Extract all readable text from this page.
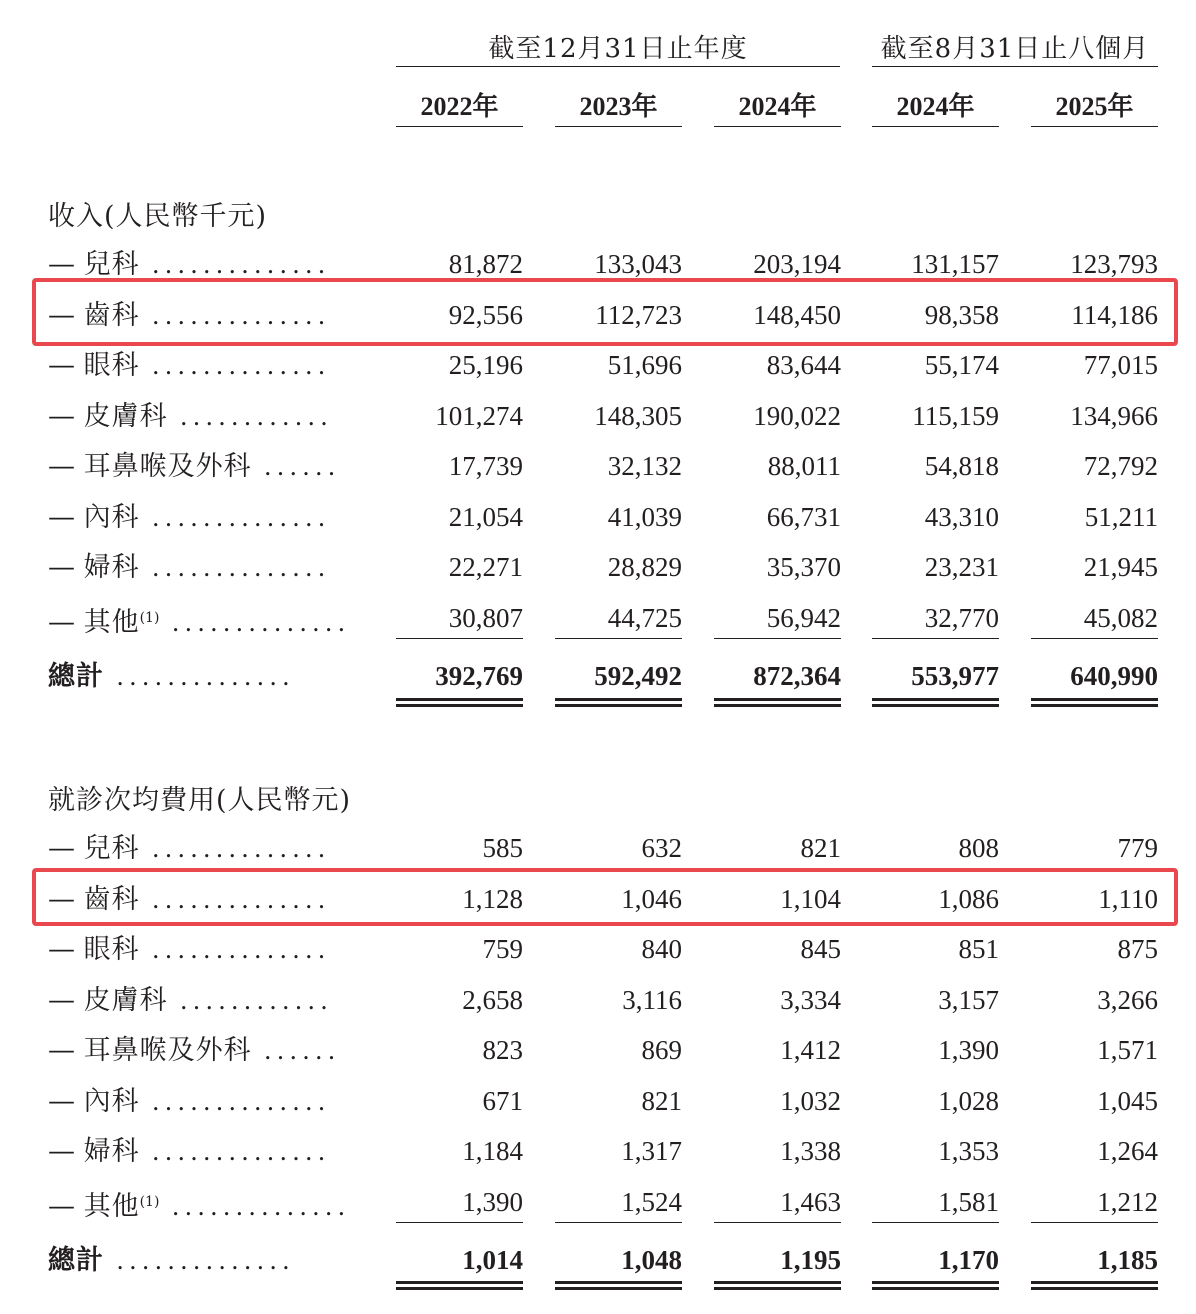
截至12月31日止年度	截至8月31日止八個月
2022年	2023年	2024年	2024年	2025年
收入(人民幣千元)
— 兒科 ..............	81,872	133,043	203,194	131,157	123,793
— 齒科 ..............	92,556	112,723	148,450	98,358	114,186
— 眼科 ..............	25,196	51,696	83,644	55,174	77,015
— 皮膚科 ............	101,274	148,305	190,022	115,159	134,966
— 耳鼻喉及外科 ......	17,739	32,132	88,011	54,818	72,792
— 內科 ..............	21,054	41,039	66,731	43,310	51,211
— 婦科 ..............	22,271	28,829	35,370	23,231	21,945
— 其他$^{(1)}$ ..............	30,807	44,725	56,942	32,770	45,082
總計 ..............	392,769	592,492	872,364	553,977	640,990
就診次均費用(人民幣元)
— 兒科 ..............	585	632	821	808	779
— 齒科 ..............	1,128	1,046	1,104	1,086	1,110
— 眼科 ..............	759	840	845	851	875
— 皮膚科 ............	2,658	3,116	3,334	3,157	3,266
— 耳鼻喉及外科 ......	823	869	1,412	1,390	1,571
— 內科 ..............	671	821	1,032	1,028	1,045
— 婦科 ..............	1,184	1,317	1,338	1,353	1,264
— 其他$^{(1)}$ ..............	1,390	1,524	1,463	1,581	1,212
總計 ..............	1,014	1,048	1,195	1,170	1,185
